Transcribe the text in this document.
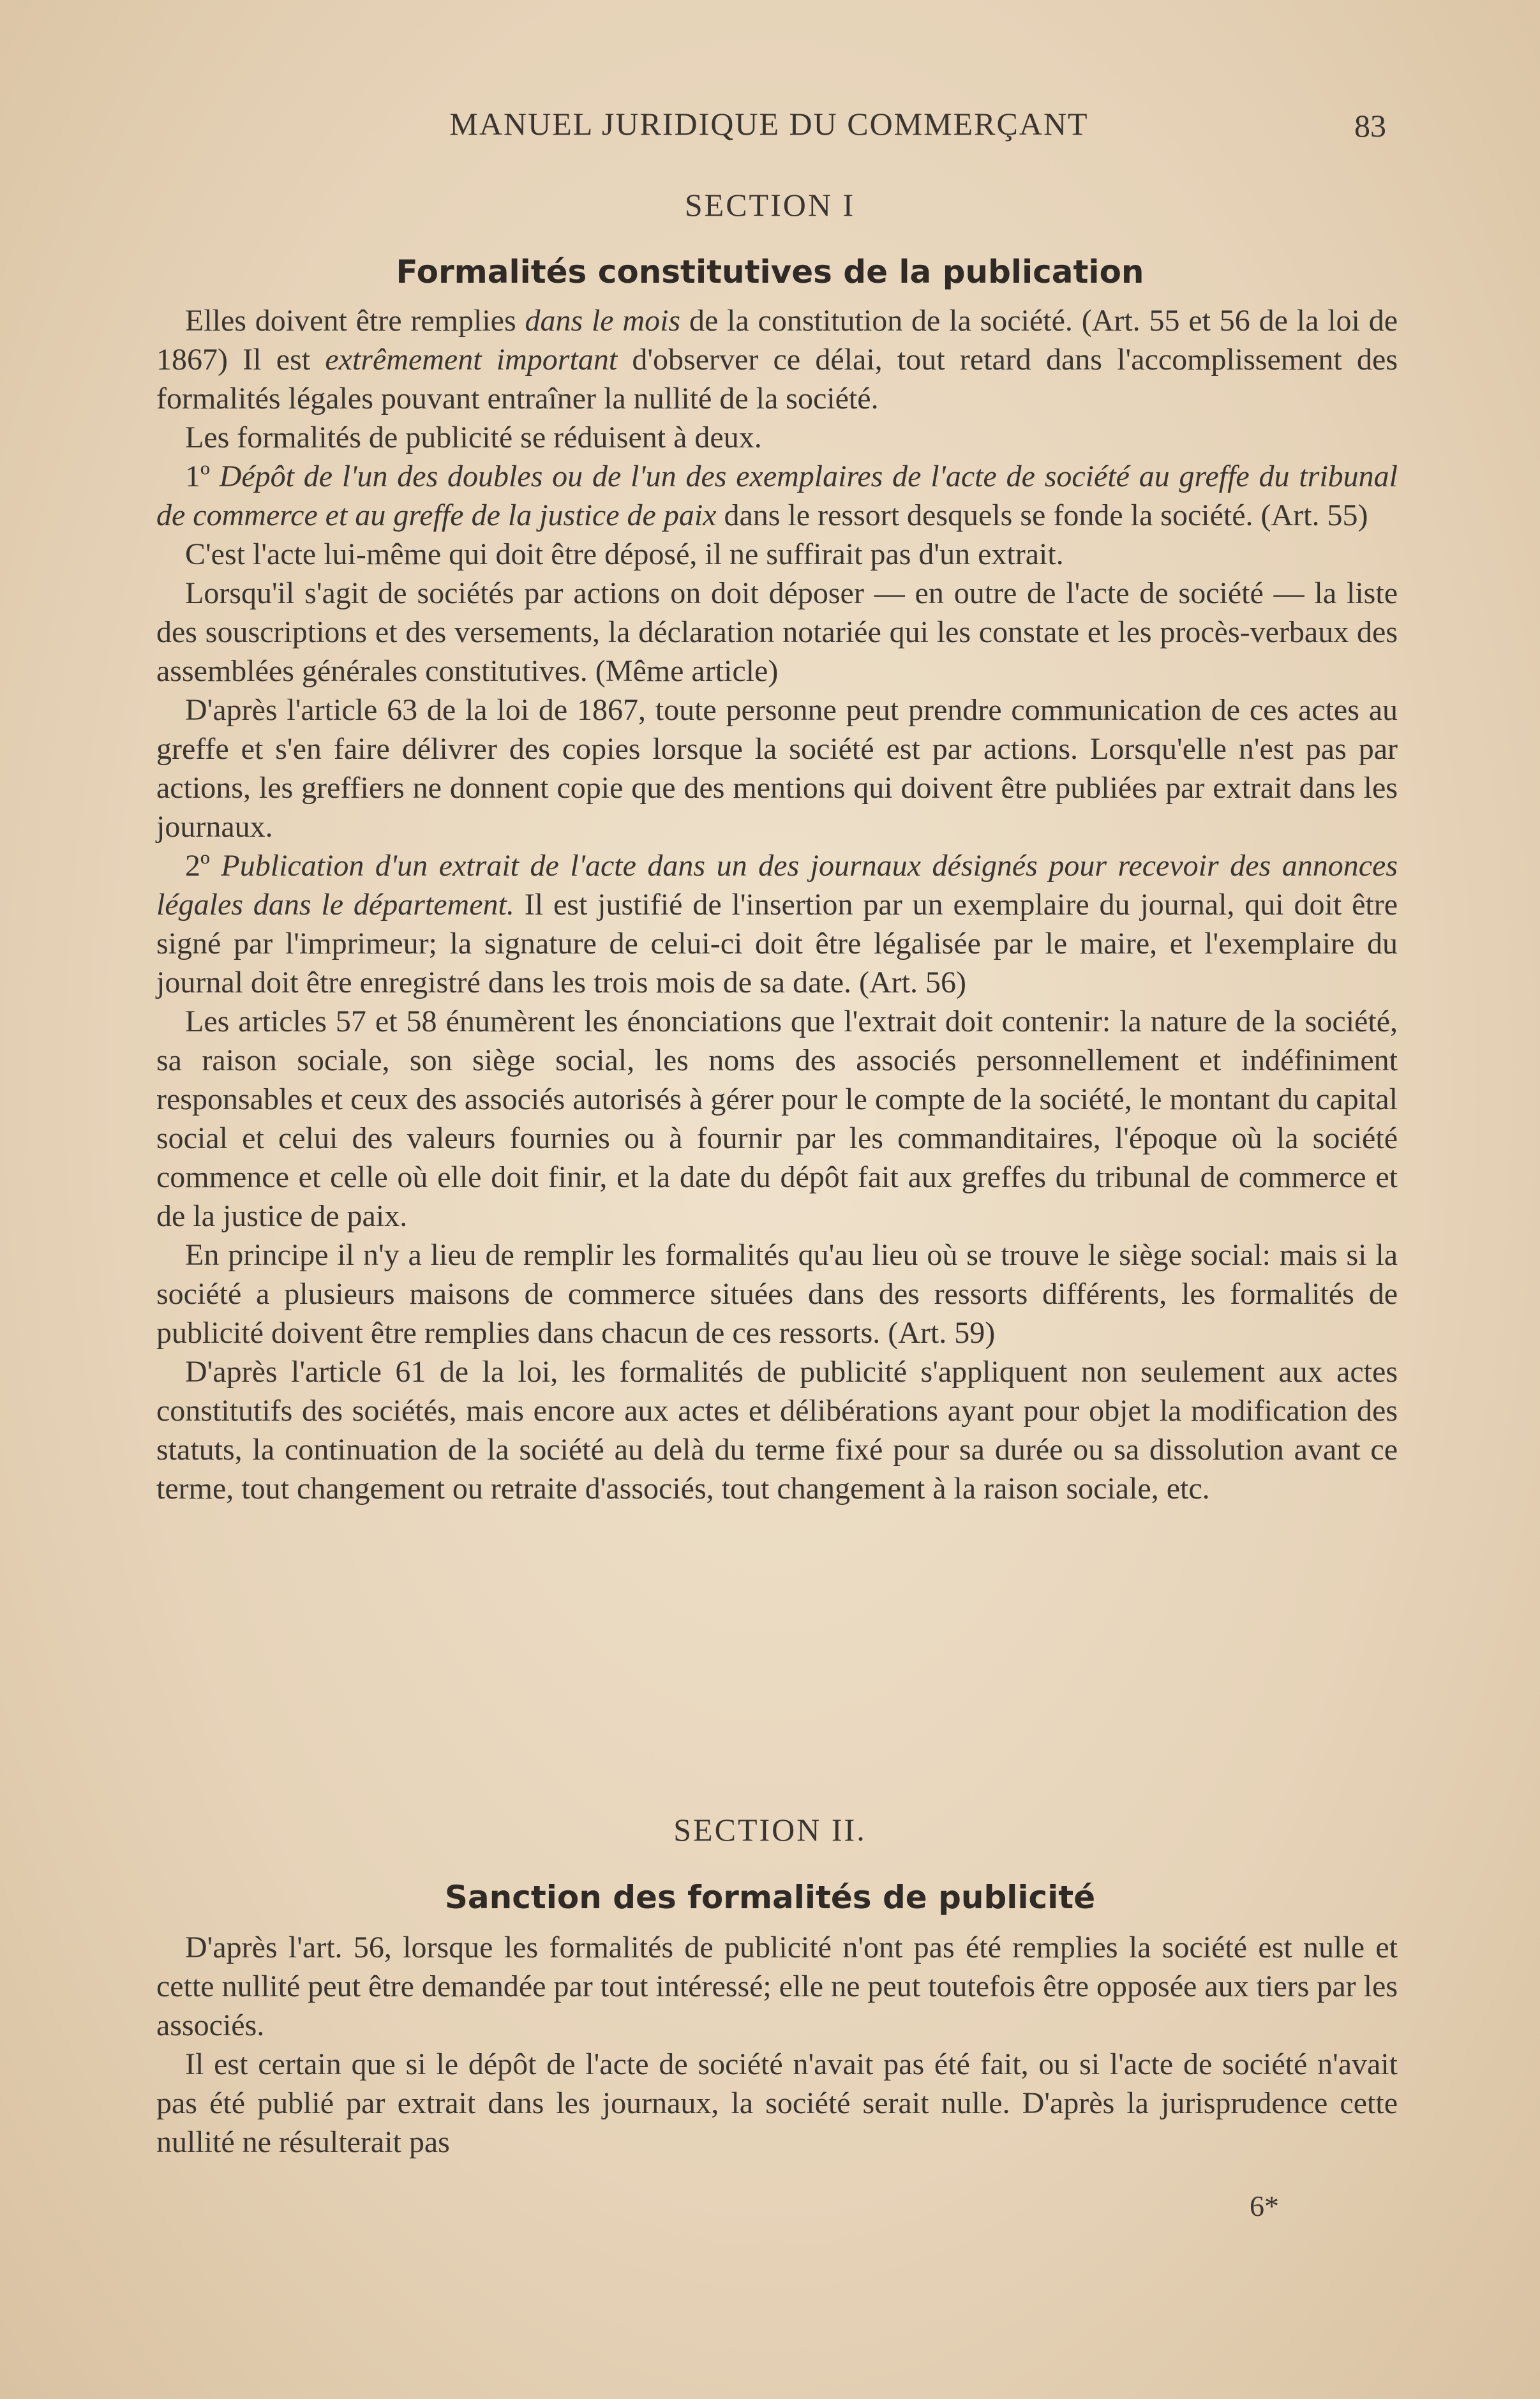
MANUEL JURIDIQUE DU COMMERÇANT	83
SECTION I
Formalités constitutives de la publication

Elles doivent être remplies dans le mois de la constitution de la société. (Art. 55 et 56 de la loi de 1867) Il est extrêmement important d'observer ce délai, tout retard dans l'accomplissement des formalités légales pouvant entraîner la nullité de la société.

Les formalités de publicité se réduisent à deux.

1º Dépôt de l'un des doubles ou de l'un des exemplaires de l'acte de société au greffe du tribunal de commerce et au greffe de la justice de paix dans le ressort desquels se fonde la société. (Art. 55)

C'est l'acte lui-même qui doit être déposé, il ne suffirait pas d'un extrait.

Lorsqu'il s'agit de sociétés par actions on doit déposer — en outre de l'acte de société — la liste des souscriptions et des versements, la déclaration notariée qui les constate et les procès-verbaux des assemblées générales constitutives. (Même article)

D'après l'article 63 de la loi de 1867, toute personne peut prendre communication de ces actes au greffe et s'en faire délivrer des copies lorsque la société est par actions. Lorsqu'elle n'est pas par actions, les greffiers ne donnent copie que des mentions qui doivent être publiées par extrait dans les journaux.

2º Publication d'un extrait de l'acte dans un des journaux désignés pour recevoir des annonces légales dans le département. Il est justifié de l'insertion par un exemplaire du journal, qui doit être signé par l'imprimeur; la signature de celui-ci doit être légalisée par le maire, et l'exemplaire du journal doit être enregistré dans les trois mois de sa date. (Art. 56)

Les articles 57 et 58 énumèrent les énonciations que l'extrait doit contenir: la nature de la société, sa raison sociale, son siège social, les noms des associés personnellement et indéfiniment responsables et ceux des associés autorisés à gérer pour le compte de la société, le montant du capital social et celui des valeurs fournies ou à fournir par les commanditaires, l'époque où la société commence et celle où elle doit finir, et la date du dépôt fait aux greffes du tribunal de commerce et de la justice de paix.

En principe il n'y a lieu de remplir les formalités qu'au lieu où se trouve le siège social: mais si la société a plusieurs maisons de commerce situées dans des ressorts différents, les formalités de publicité doivent être remplies dans chacun de ces ressorts. (Art. 59)

D'après l'article 61 de la loi, les formalités de publicité s'appliquent non seulement aux actes constitutifs des sociétés, mais encore aux actes et délibérations ayant pour objet la modification des statuts, la continuation de la société au delà du terme fixé pour sa durée ou sa dissolution avant ce terme, tout changement ou retraite d'associés, tout changement à la raison sociale, etc.

SECTION II.
Sanction des formalités de publicité

D'après l'art. 56, lorsque les formalités de publicité n'ont pas été remplies la société est nulle et cette nullité peut être demandée par tout intéressé; elle ne peut toutefois être opposée aux tiers par les associés.

Il est certain que si le dépôt de l'acte de société n'avait pas été fait, ou si l'acte de société n'avait pas été publié par extrait dans les journaux, la société serait nulle. D'après la jurisprudence cette nullité ne résulterait pas

6*
